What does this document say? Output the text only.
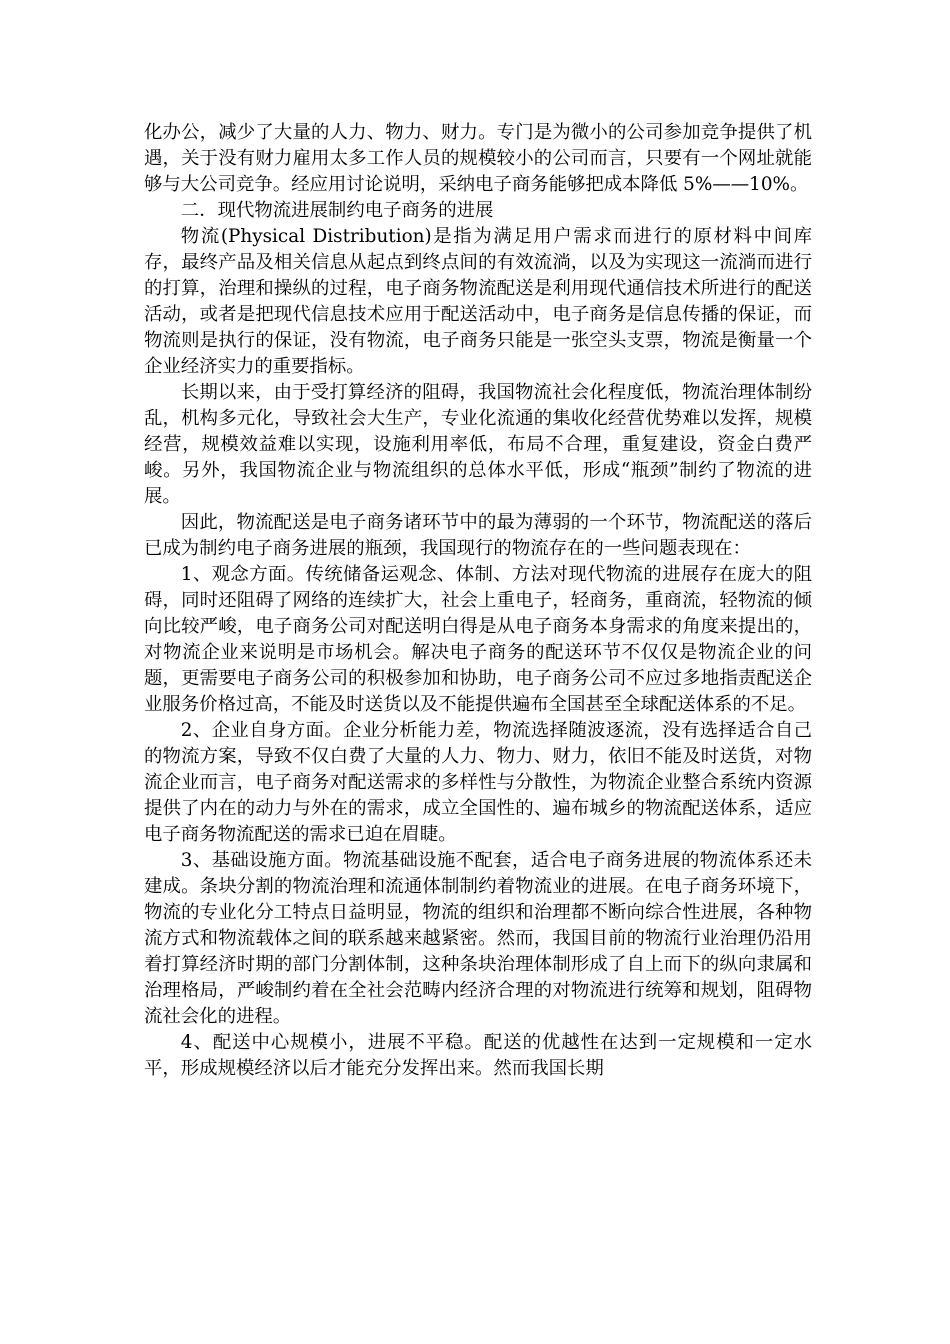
化办公，减少了大量的人力、物力、财力。专门是为微小的公司参加竞争提供了机遇，关于没有财力雇用太多工作人员的规模较小的公司而言，只要有一个网址就能够与大公司竞争。经应用讨论说明，采纳电子商务能够把成本降低 5%——10%。

二．现代物流进展制约电子商务的进展

物流(Physical Distribution)是指为满足用户需求而进行的原材料中间库存，最终产品及相关信息从起点到终点间的有效流淌，以及为实现这一流淌而进行的打算，治理和操纵的过程，电子商务物流配送是利用现代通信技术所进行的配送活动，或者是把现代信息技术应用于配送活动中，电子商务是信息传播的保证，而物流则是执行的保证，没有物流，电子商务只能是一张空头支票，物流是衡量一个企业经济实力的重要指标。

长期以来，由于受打算经济的阻碍，我国物流社会化程度低，物流治理体制纷乱，机构多元化，导致社会大生产，专业化流通的集收化经营优势难以发挥，规模经营，规模效益难以实现，设施利用率低，布局不合理，重复建设，资金白费严峻。另外，我国物流企业与物流组织的总体水平低，形成“瓶颈”制约了物流的进展。

因此，物流配送是电子商务诸环节中的最为薄弱的一个环节，物流配送的落后已成为制约电子商务进展的瓶颈，我国现行的物流存在的一些问题表现在：

1、观念方面。传统储备运观念、体制、方法对现代物流的进展存在庞大的阻碍，同时还阻碍了网络的连续扩大，社会上重电子，轻商务，重商流，轻物流的倾向比较严峻，电子商务公司对配送明白得是从电子商务本身需求的角度来提出的，对物流企业来说明是市场机会。解决电子商务的配送环节不仅仅是物流企业的问题，更需要电子商务公司的积极参加和协助，电子商务公司不应过多地指责配送企业服务价格过高，不能及时送货以及不能提供遍布全国甚至全球配送体系的不足。

2、企业自身方面。企业分析能力差，物流选择随波逐流，没有选择适合自己的物流方案，导致不仅白费了大量的人力、物力、财力，依旧不能及时送货，对物流企业而言，电子商务对配送需求的多样性与分散性，为物流企业整合系统内资源提供了内在的动力与外在的需求，成立全国性的、遍布城乡的物流配送体系，适应电子商务物流配送的需求已迫在眉睫。

3、基础设施方面。物流基础设施不配套，适合电子商务进展的物流体系还未建成。条块分割的物流治理和流通体制制约着物流业的进展。在电子商务环境下，物流的专业化分工特点日益明显，物流的组织和治理都不断向综合性进展，各种物流方式和物流载体之间的联系越来越紧密。然而，我国目前的物流行业治理仍沿用着打算经济时期的部门分割体制，这种条块治理体制形成了自上而下的纵向隶属和治理格局，严峻制约着在全社会范畴内经济合理的对物流进行统筹和规划，阻碍物流社会化的进程。

4、配送中心规模小，进展不平稳。配送的优越性在达到一定规模和一定水平，形成规模经济以后才能充分发挥出来。然而我国长期
